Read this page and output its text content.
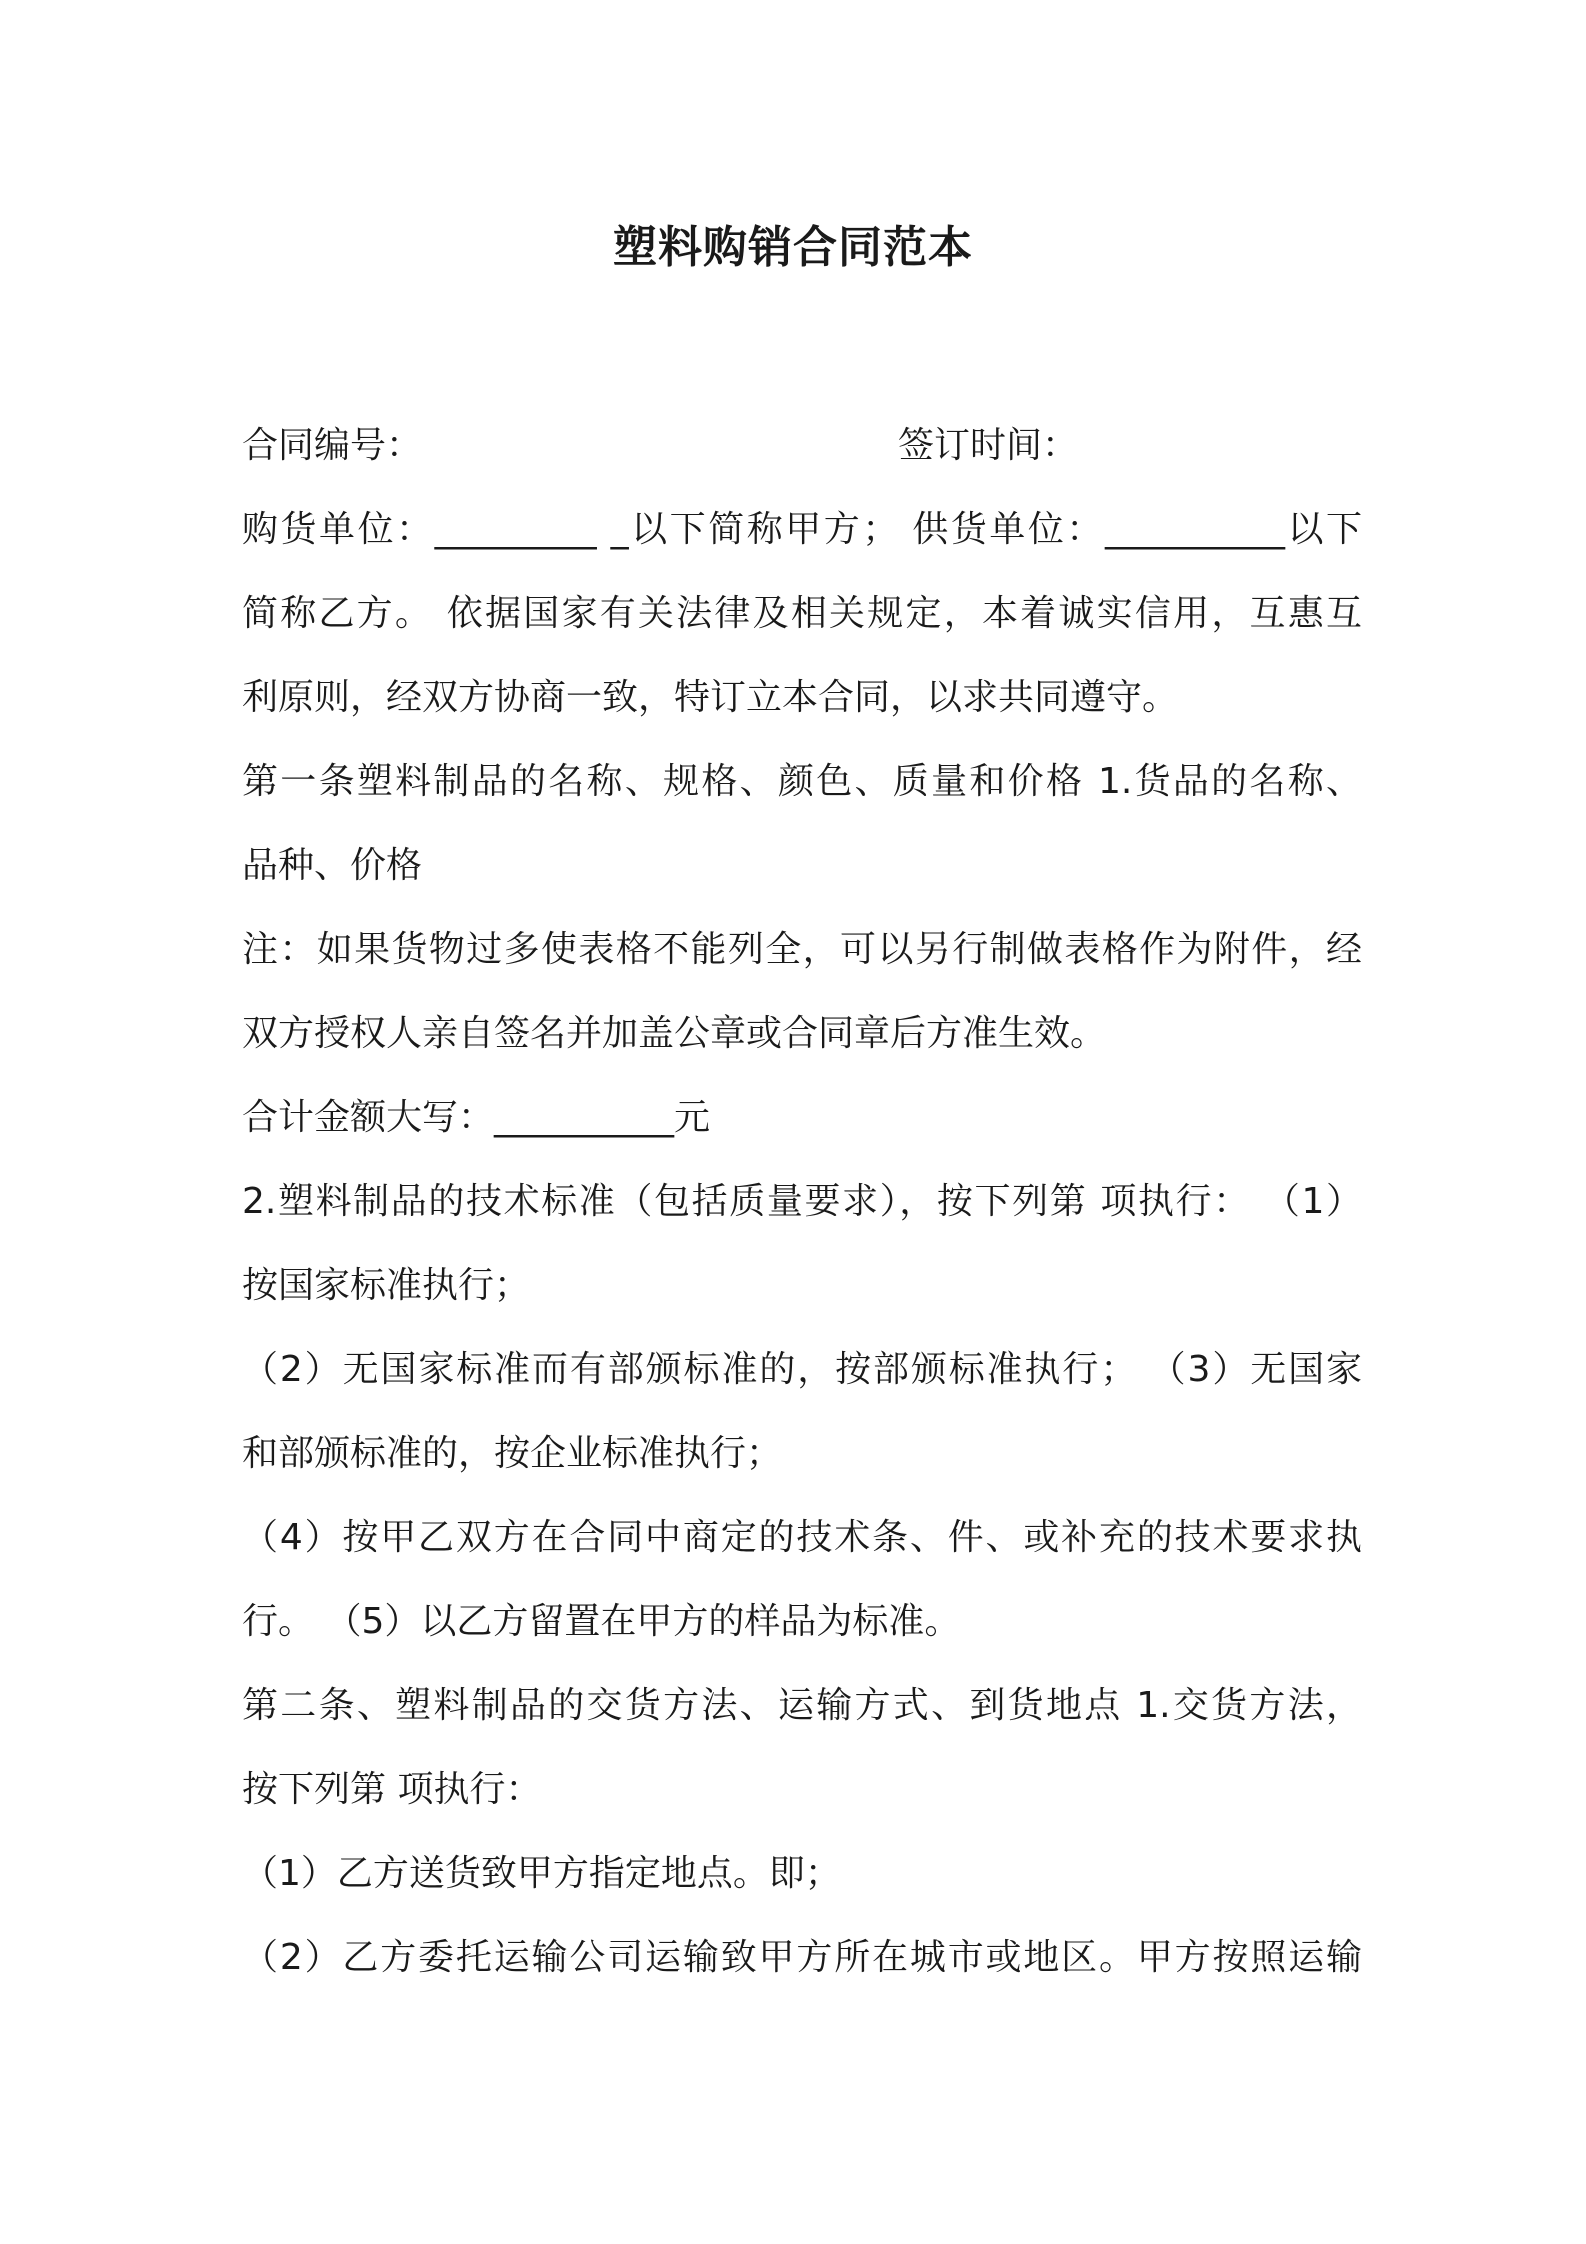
塑料购销合同范本
合同编号：	签订时间：
购货单位：_________ _以下简称甲方； 供货单位：__________以下
简称乙方。 依据国家有关法律及相关规定，本着诚实信用，互惠互
利原则，经双方协商一致，特订立本合同，以求共同遵守。
第一条塑料制品的名称、规格、颜色、质量和价格 1.货品的名称、
品种、价格
注：如果货物过多使表格不能列全，可以另行制做表格作为附件，经
双方授权人亲自签名并加盖公章或合同章后方准生效。
合计金额大写：__________元
2.塑料制品的技术标准（包括质量要求），按下列第 项执行： （1）
按国家标准执行；
（2）无国家标准而有部颁标准的，按部颁标准执行； （3）无国家
和部颁标准的，按企业标准执行；
（4）按甲乙双方在合同中商定的技术条、件、或补充的技术要求执
行。 （5）以乙方留置在甲方的样品为标准。
第二条、塑料制品的交货方法、运输方式、到货地点 1.交货方法，
按下列第 项执行：
（1）乙方送货致甲方指定地点。即；
（2）乙方委托运输公司运输致甲方所在城市或地区。甲方按照运输
